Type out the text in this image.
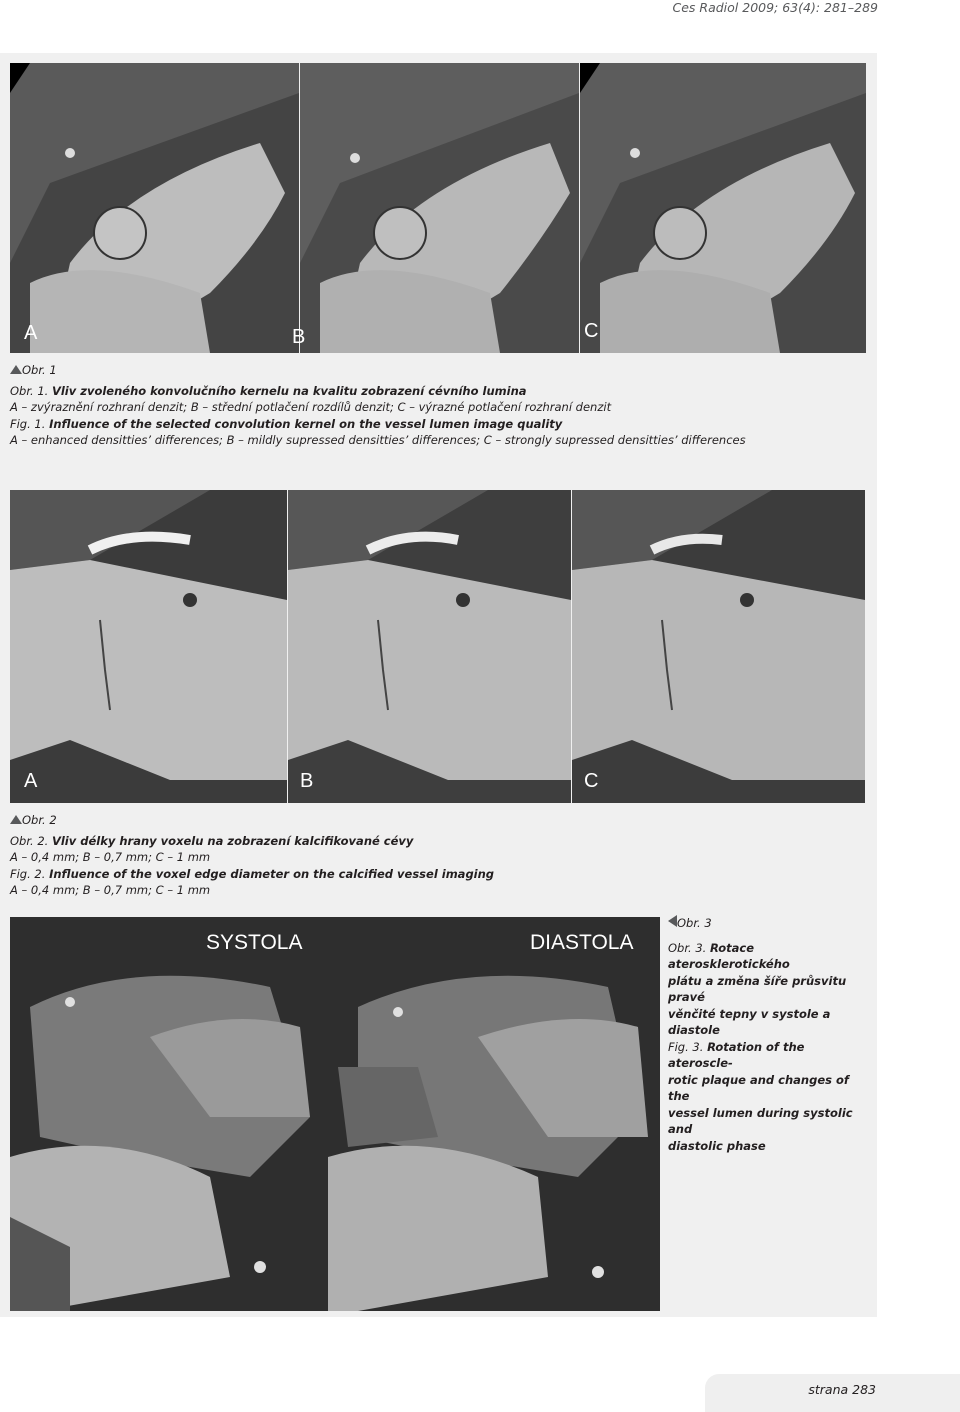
Ces Radiol 2009; 63(4): 281–289
A	B	C
Obr. 1
Obr. 1. Vliv zvoleného konvolučního kernelu na kvalitu zobrazení cévního lumina
A – zvýraznění rozhraní denzit; B – střední potlačení rozdílů denzit; C – výrazné potlačení rozhraní denzit
Fig. 1. Influence of the selected convolution kernel on the vessel lumen image quality
A – enhanced densitties’ differences; B – mildly supressed densitties’ differences; C – strongly supressed densitties’ differences
A	B	C
Obr. 2
Obr. 2. Vliv délky hrany voxelu na zobrazení kalcifikované cévy
A – 0,4 mm; B – 0,7 mm; C – 1 mm
Fig. 2. Influence of the voxel edge diameter on the calcified vessel imaging
A – 0,4 mm; B – 0,7 mm; C – 1 mm
SYSTOLA	DIASTOLA
Obr. 3
Obr. 3. Rotace aterosklerotického
plátu a změna šíře průsvitu pravé
věnčité tepny v systole a diastole
Fig. 3. Rotation of the ateroscle-
rotic plaque and changes of the
vessel lumen during systolic and
diastolic phase
strana 283
